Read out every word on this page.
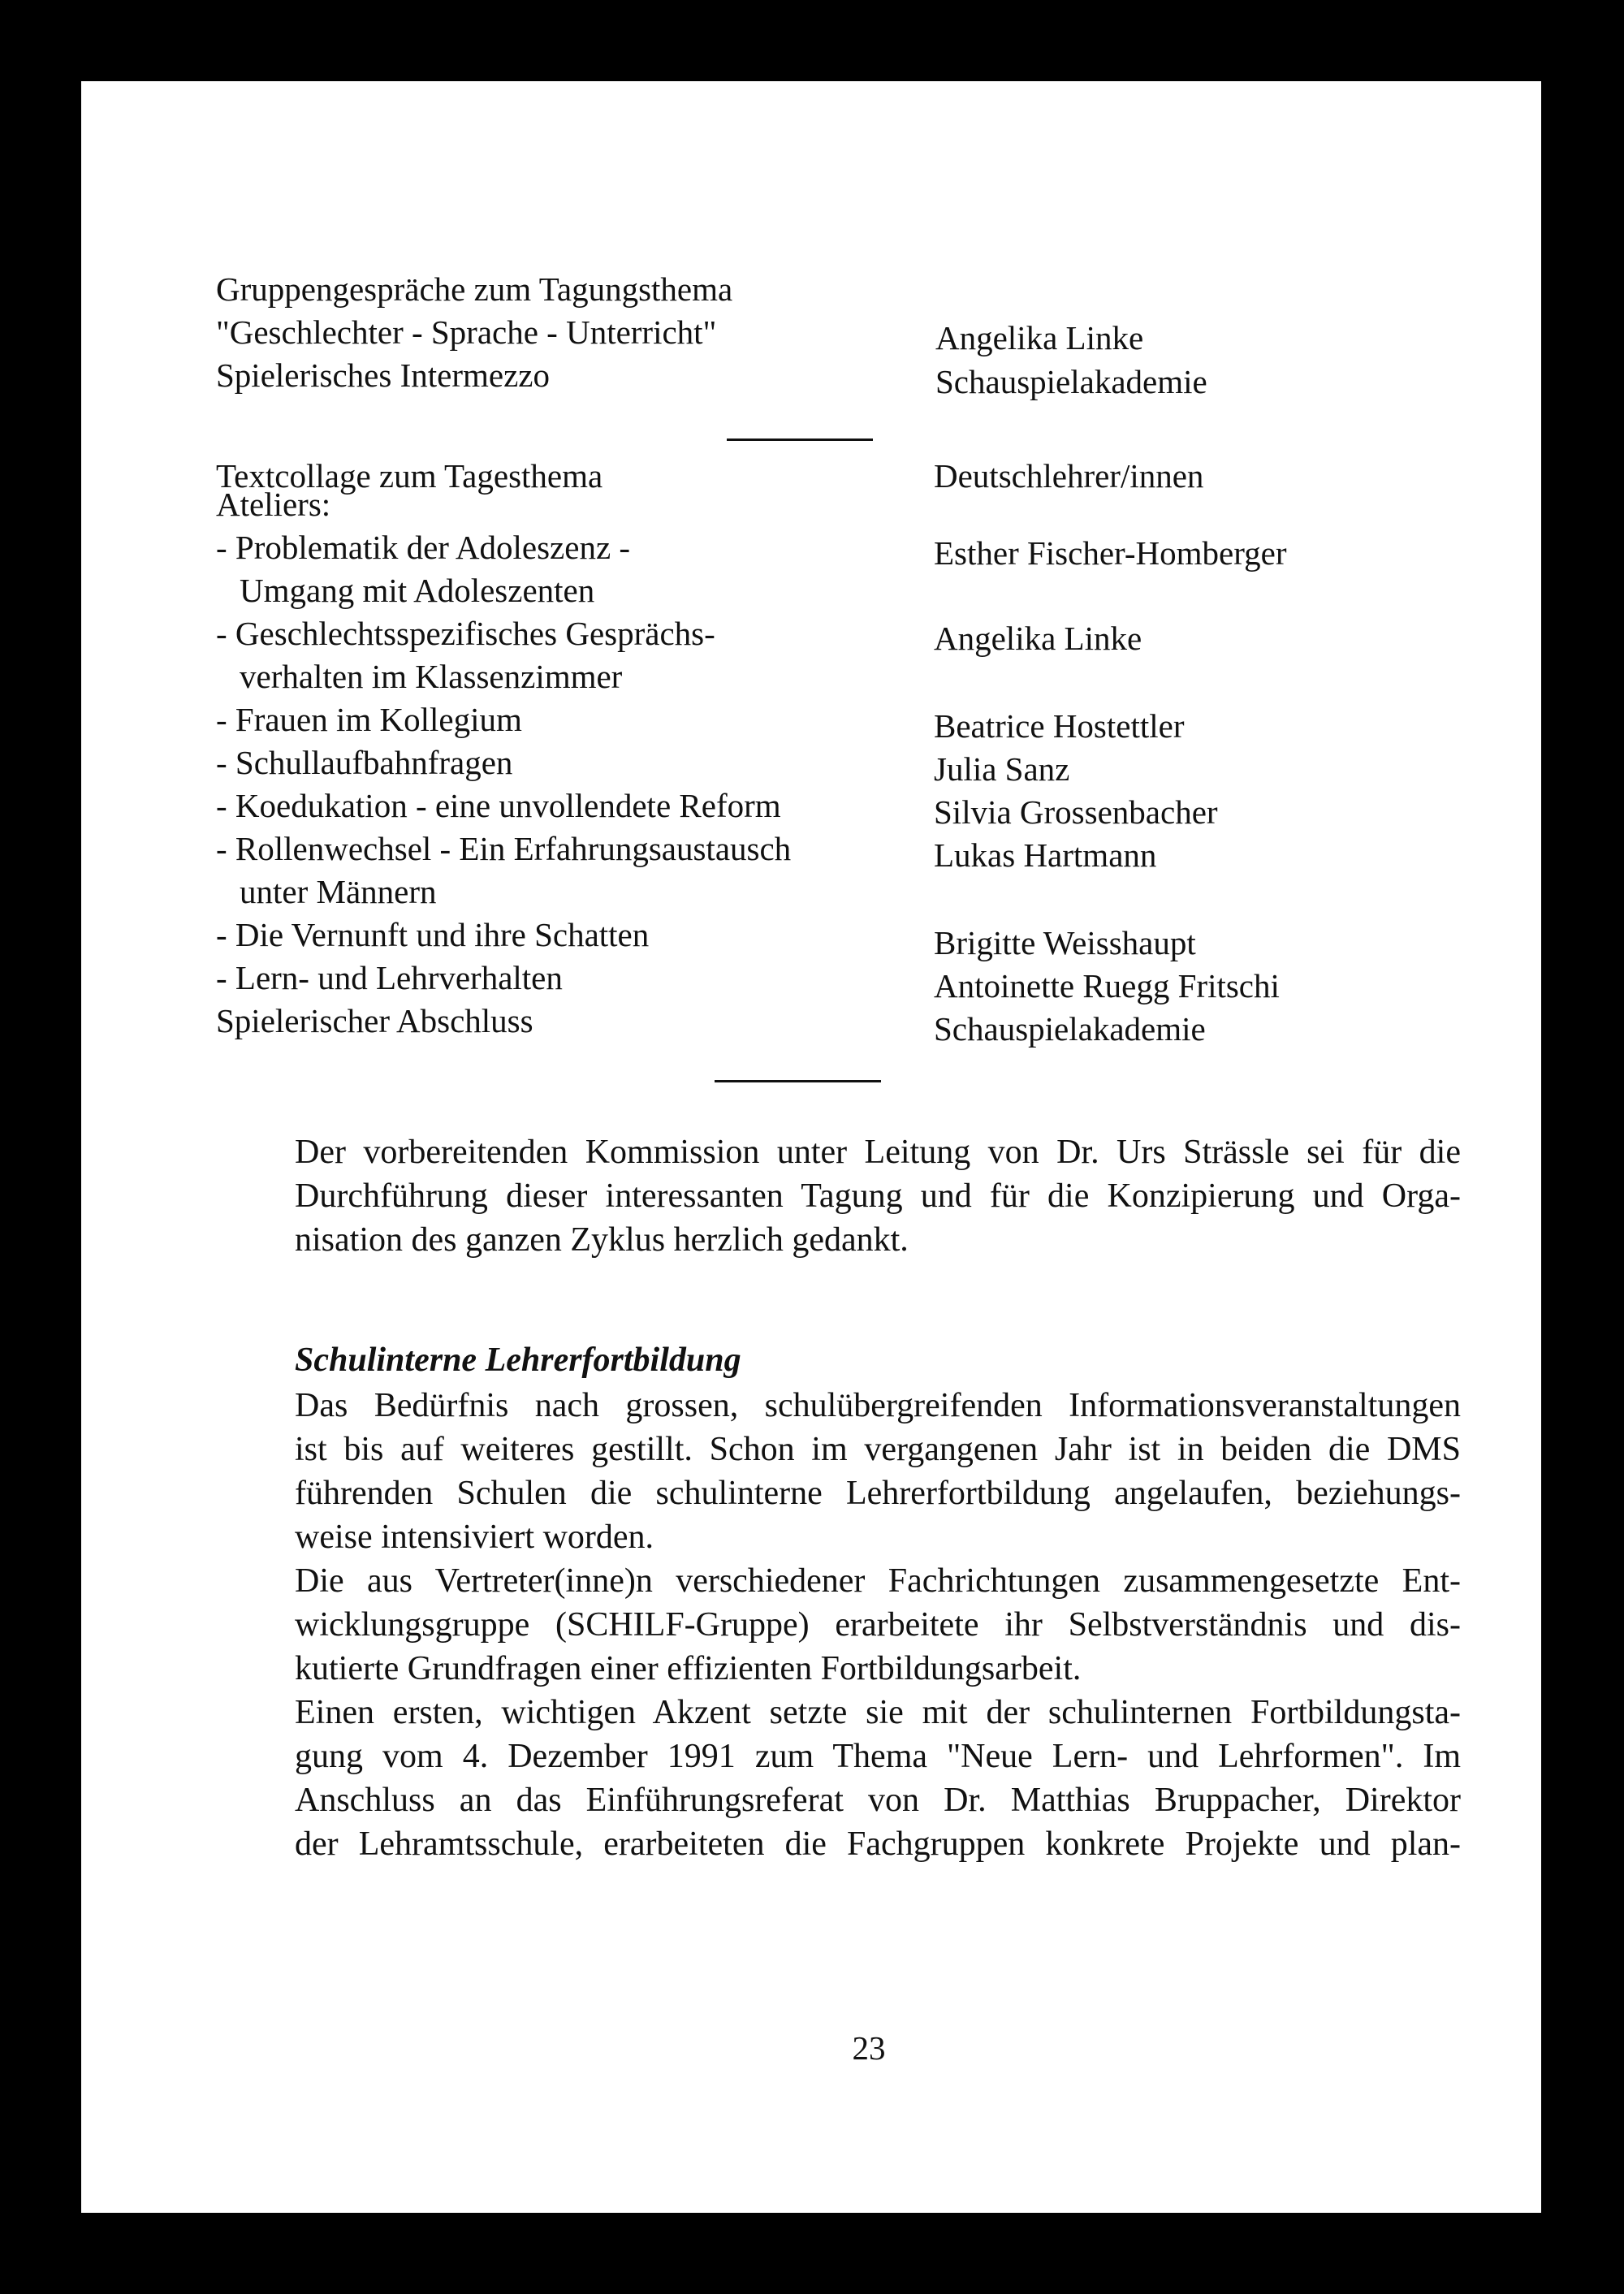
Gruppengespräche zum Tagungsthema
"Geschlechter - Sprache - Unterricht"
Spielerisches Intermezzo
Angelika Linke
Schauspielakademie
Textcollage zum Tagesthema
Ateliers:
- Problematik der Adoleszenz -
Umgang mit Adoleszenten
- Geschlechtsspezifisches Gesprächs-
verhalten im Klassenzimmer
- Frauen im Kollegium
- Schullaufbahnfragen
- Koedukation - eine unvollendete Reform
- Rollenwechsel - Ein Erfahrungsaustausch
unter Männern
- Die Vernunft und ihre Schatten
- Lern- und Lehrverhalten
Spielerischer Abschluss
Deutschlehrer/innen
Esther Fischer-Homberger
Angelika Linke
Beatrice Hostettler
Julia Sanz
Silvia Grossenbacher
Lukas Hartmann
Brigitte Weisshaupt
Antoinette Ruegg Fritschi
Schauspielakademie
Der vorbereitenden Kommission unter Leitung von Dr. Urs Strässle sei für die
Durchführung dieser interessanten Tagung und für die Konzipierung und Orga-
nisation des ganzen Zyklus herzlich gedankt.
Schulinterne Lehrerfortbildung
Das Bedürfnis nach grossen, schulübergreifenden Informationsveranstaltungen
ist bis auf weiteres gestillt. Schon im vergangenen Jahr ist in beiden die DMS
führenden Schulen die schulinterne Lehrerfortbildung angelaufen, beziehungs-
weise intensiviert worden.
Die aus Vertreter(inne)n verschiedener Fachrichtungen zusammengesetzte Ent-
wicklungsgruppe (SCHILF-Gruppe) erarbeitete ihr Selbstverständnis und dis-
kutierte Grundfragen einer effizienten Fortbildungsarbeit.
Einen ersten, wichtigen Akzent setzte sie mit der schulinternen Fortbildungsta-
gung vom 4. Dezember 1991 zum Thema "Neue Lern- und Lehrformen". Im
Anschluss an das Einführungsreferat von Dr. Matthias Bruppacher, Direktor
der Lehramtsschule, erarbeiteten die Fachgruppen konkrete Projekte und plan-
23
